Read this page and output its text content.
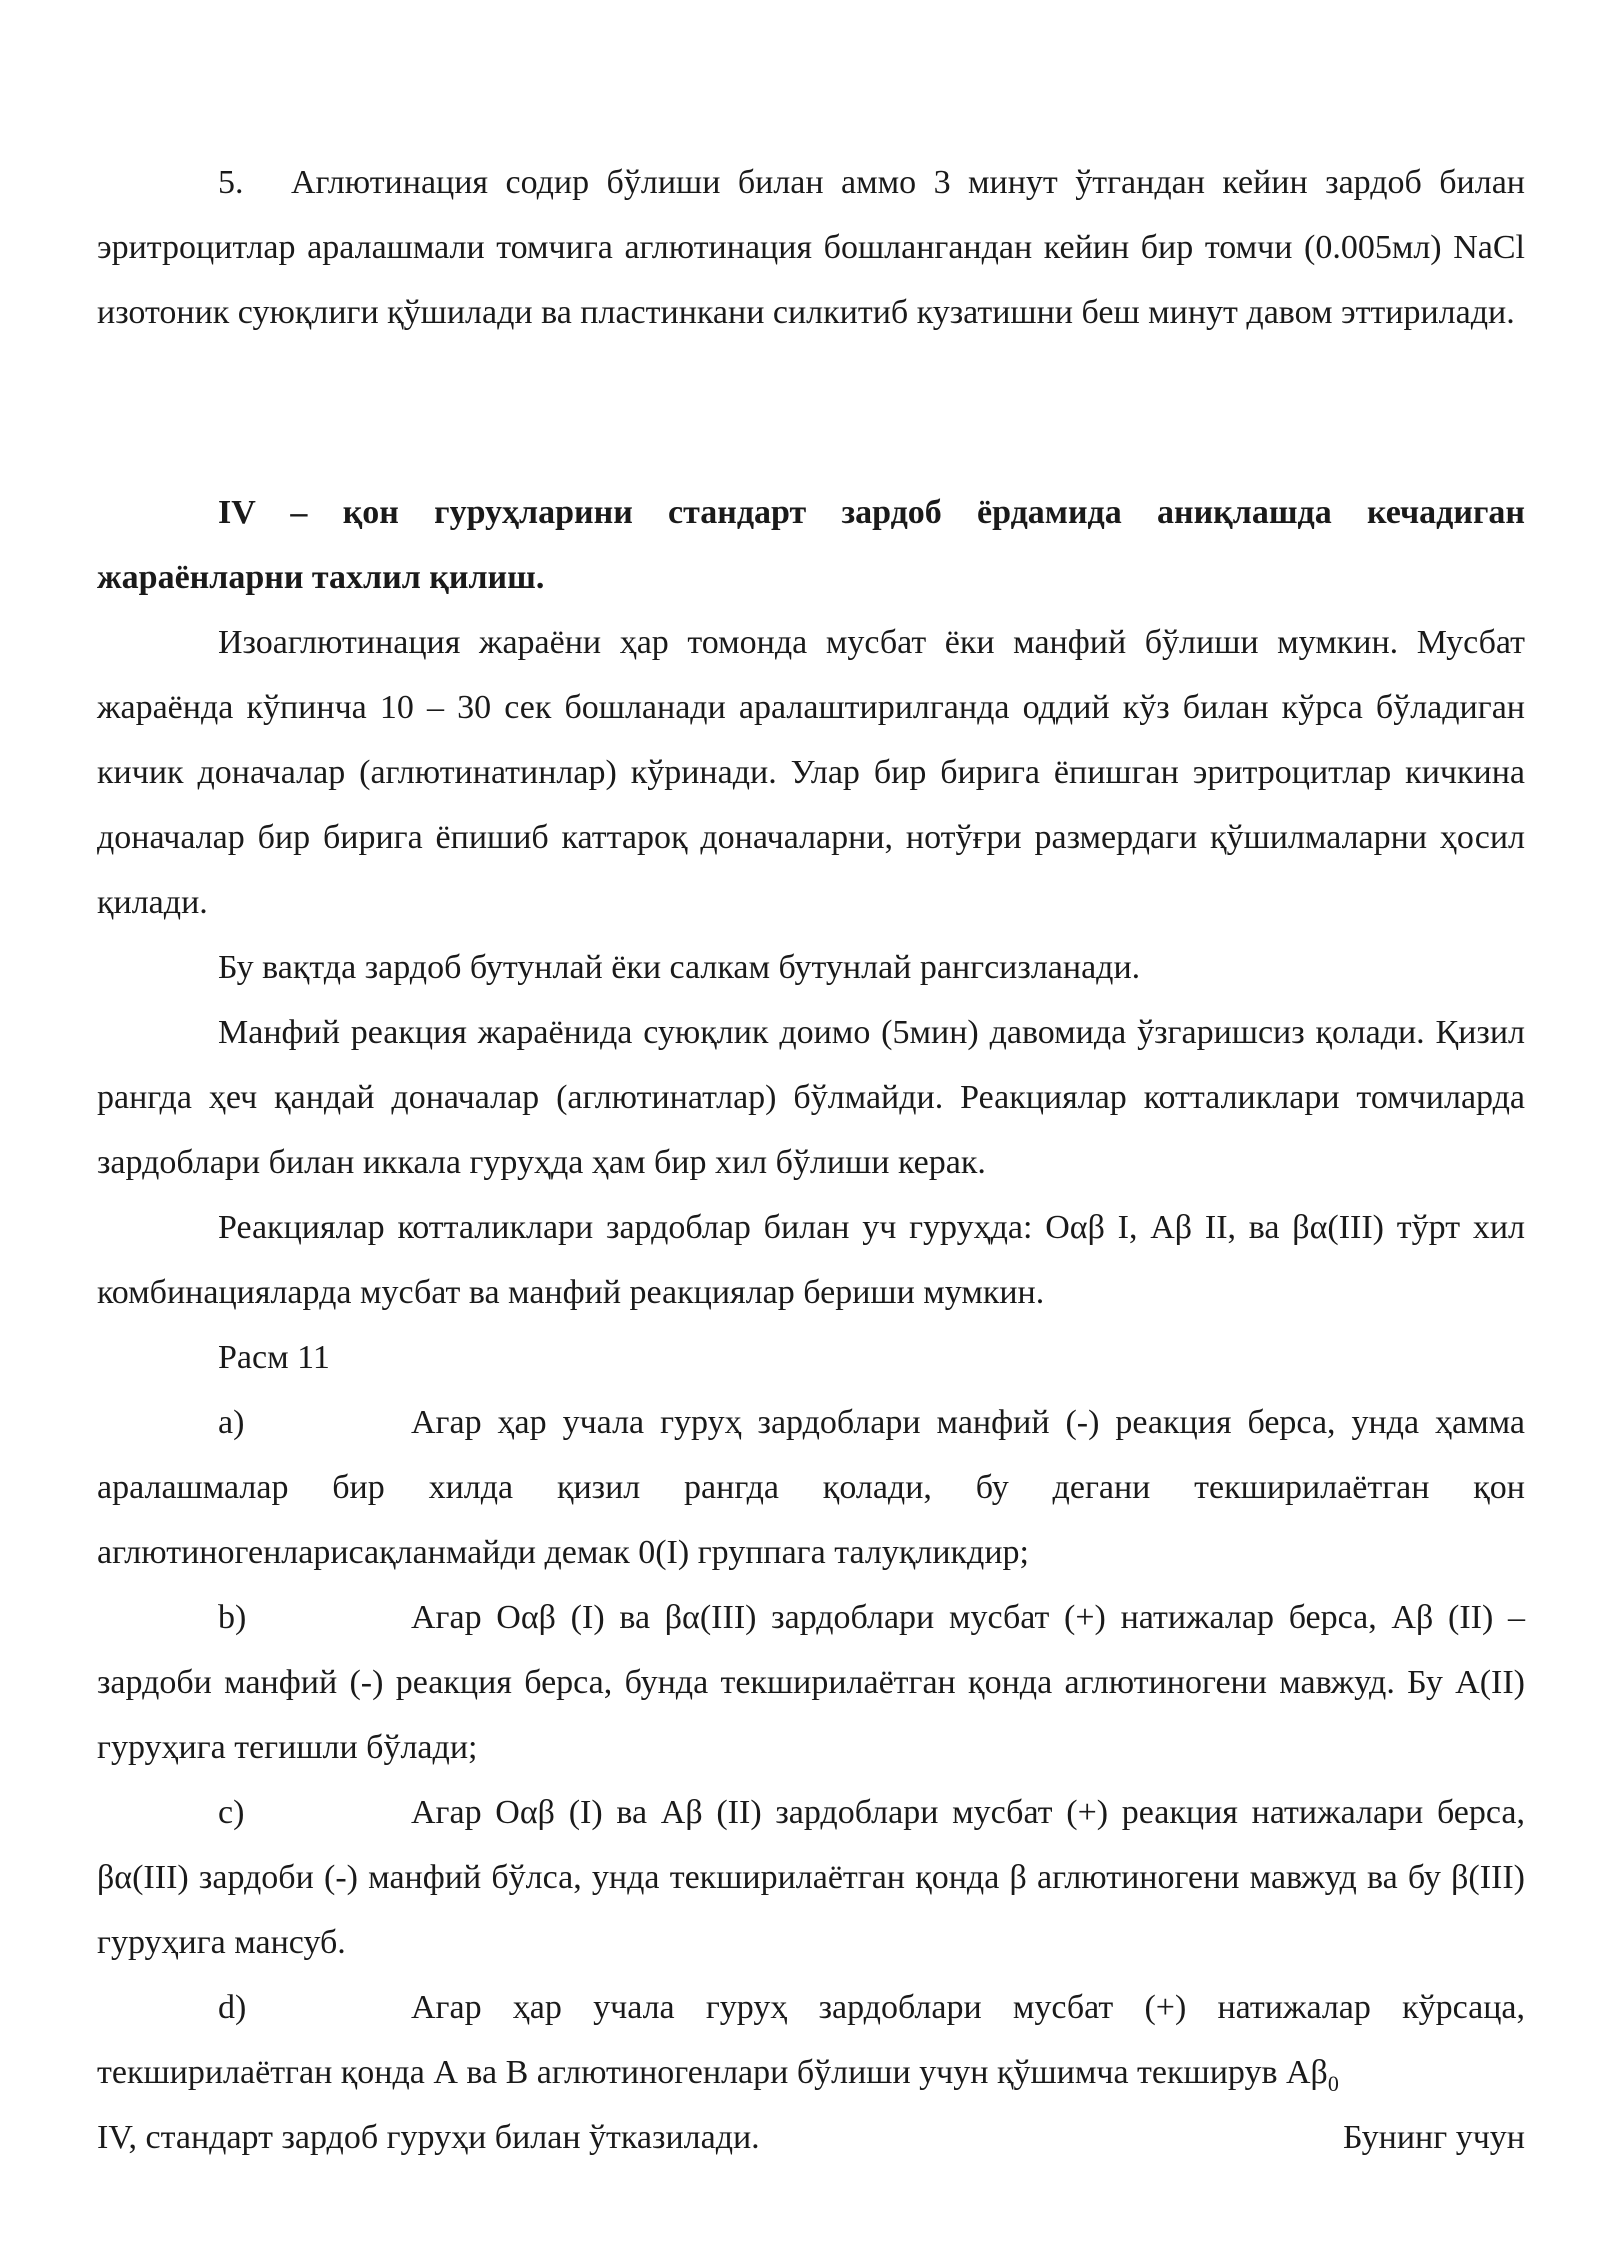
5. Аглютинация содир бўлиши билан аммо 3 минут ўтгандан кейин зардоб билан эритроцитлар аралашмали томчига аглютинация бошлангандан кейин бир томчи (0.005мл) NaCl изотоник суюқлиги қўшилади ва пластинкани силкитиб кузатишни беш минут давом эттирилади.

IV – қон гуруҳларини стандарт зардоб ёрдамида аниқлашда кечадиган жараёнларни тахлил қилиш.

Изоаглютинация жараёни ҳар томонда мусбат ёки манфий бўлиши мумкин. Мусбат жараёнда кўпинча 10 – 30 сек бошланади аралаштирилганда оддий кўз билан кўрса бўладиган кичик доначалар (аглютинатинлар) кўринади. Улар бир бирига ёпишган эритроцитлар кичкина доначалар бир бирига ёпишиб каттароқ доначаларни, нотўғри размердаги қўшилмаларни ҳосил қилади.

Бу вақтда зардоб бутунлай ёки салкам бутунлай рангсизланади.

Манфий реакция жараёнида суюқлик доимо (5мин) давомида ўзгаришсиз қолади. Қизил рангда ҳеч қандай доначалар (аглютинатлар) бўлмайди. Реакциялар котталиклари томчиларда зардоблари билан иккала гуруҳда ҳам бир хил бўлиши керак.

Реакциялар котталиклари зардоблар билан уч гуруҳда: Оαβ I, Аβ II, ва βα(III) тўрт хил комбинацияларда мусбат ва манфий реакциялар бериши мумкин.

Расм 11

a)	Агар ҳар учала гуруҳ зардоблари манфий (-) реакция берса, унда ҳамма аралашмалар бир хилда қизил рангда қолади, бу дегани текширилаётган қон аглютиногенларисақланмайди демак 0(I) группага талуқликдир;

b)	Агар Оαβ (I) ва βα(III) зардоблари мусбат (+) натижалар берса, Аβ (II) – зардоби манфий (-) реакция берса, бунда текширилаётган қонда аглютиногени мавжуд. Бу А(II) гуруҳига тегишли бўлади;

c)	Агар Оαβ (I) ва Аβ (II) зардоблари мусбат (+) реакция натижалари берса, βα(III) зардоби (-) манфий бўлса, унда текширилаётган қонда β аглютиногени мавжуд ва бу β(III) гуруҳига мансуб.

d)	Агар ҳар учала гуруҳ зардоблари мусбат (+) натижалар кўрсаца, текширилаётган қонда А ва В аглютиногенлари бўлиши учун қўшимча текширув $А\beta_0$

IV, стандарт зардоб гуруҳи билан ўтказилади.	Бунинг учун
